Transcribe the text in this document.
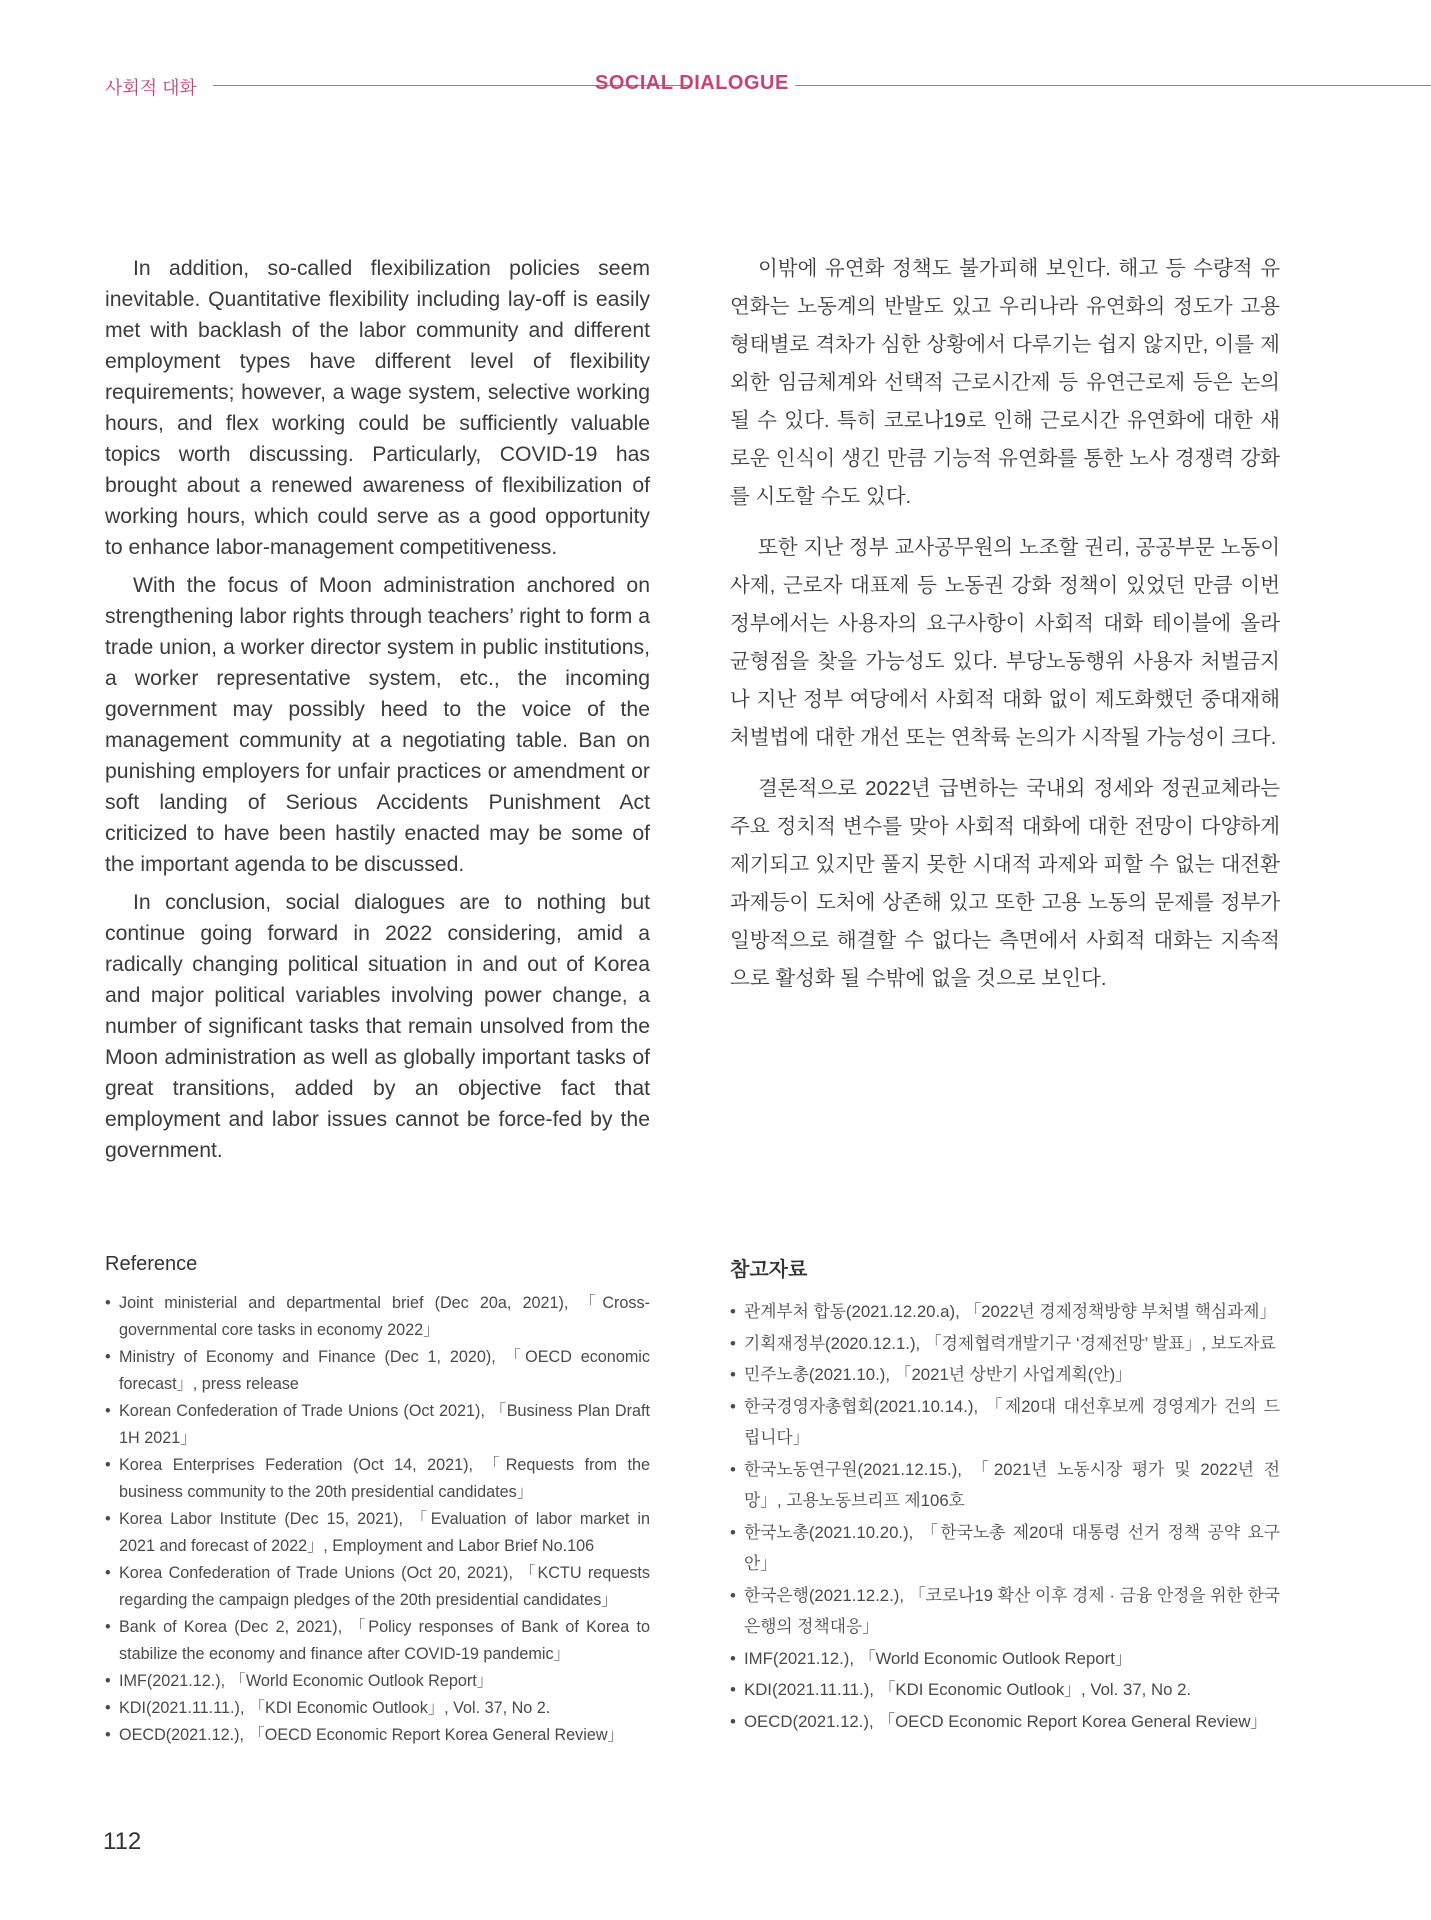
사회적 대화	SOCIAL DIALOGUE

In addition, so-called flexibilization policies seem inevitable. Quantitative flexibility including lay-off is easily met with backlash of the labor community and different employment types have different level of flexibility requirements; however, a wage system, selective working hours, and flex working could be sufficiently valuable topics worth discussing. Particularly, COVID-19 has brought about a renewed awareness of flexibilization of working hours, which could serve as a good opportunity to enhance labor-management competitiveness.

With the focus of Moon administration anchored on strengthening labor rights through teachers’ right to form a trade union, a worker director system in public institutions, a worker representative system, etc., the incoming government may possibly heed to the voice of the management community at a negotiating table. Ban on punishing employers for unfair practices or amendment or soft landing of Serious Accidents Punishment Act criticized to have been hastily enacted may be some of the important agenda to be discussed.

In conclusion, social dialogues are to nothing but continue going forward in 2022 considering, amid a radically changing political situation in and out of Korea and major political variables involving power change, a number of significant tasks that remain unsolved from the Moon administration as well as globally important tasks of great transitions, added by an objective fact that employment and labor issues cannot be force-fed by the government.

이밖에 유연화 정책도 불가피해 보인다. 해고 등 수량적 유연화는 노동계의 반발도 있고 우리나라 유연화의 정도가 고용형태별로 격차가 심한 상황에서 다루기는 쉽지 않지만, 이를 제외한 임금체계와 선택적 근로시간제 등 유연근로제 등은 논의될 수 있다. 특히 코로나19로 인해 근로시간 유연화에 대한 새로운 인식이 생긴 만큼 기능적 유연화를 통한 노사 경쟁력 강화를 시도할 수도 있다.

또한 지난 정부 교사공무원의 노조할 권리, 공공부문 노동이사제, 근로자 대표제 등 노동권 강화 정책이 있었던 만큼 이번 정부에서는 사용자의 요구사항이 사회적 대화 테이블에 올라 균형점을 찾을 가능성도 있다. 부당노동행위 사용자 처벌금지나 지난 정부 여당에서 사회적 대화 없이 제도화했던 중대재해처벌법에 대한 개선 또는 연착륙 논의가 시작될 가능성이 크다.

결론적으로 2022년 급변하는 국내외 정세와 정권교체라는 주요 정치적 변수를 맞아 사회적 대화에 대한 전망이 다양하게 제기되고 있지만 풀지 못한 시대적 과제와 피할 수 없는 대전환 과제등이 도처에 상존해 있고 또한 고용 노동의 문제를 정부가 일방적으로 해결할 수 없다는 측면에서 사회적 대화는 지속적으로 활성화 될 수밖에 없을 것으로 보인다.

Reference
• Joint ministerial and departmental brief (Dec 20a, 2021), 「Cross-governmental core tasks in economy 2022」
• Ministry of Economy and Finance (Dec 1, 2020), 「OECD economic forecast」, press release
• Korean Confederation of Trade Unions (Oct 2021), 「Business Plan Draft 1H 2021」
• Korea Enterprises Federation (Oct 14, 2021), 「Requests from the business community to the 20th presidential candidates」
• Korea Labor Institute (Dec 15, 2021), 「Evaluation of labor market in 2021 and forecast of 2022」, Employment and Labor Brief No.106
• Korea Confederation of Trade Unions (Oct 20, 2021), 「KCTU requests regarding the campaign pledges of the 20th presidential candidates」
• Bank of Korea (Dec 2, 2021), 「Policy responses of Bank of Korea to stabilize the economy and finance after COVID-19 pandemic」
• IMF(2021.12.), 「World Economic Outlook Report」
• KDI(2021.11.11.), 「KDI Economic Outlook」, Vol. 37, No 2.
• OECD(2021.12.), 「OECD Economic Report Korea General Review」
참고자료
• 관계부처 합동(2021.12.20.a), 「2022년 경제정책방향 부처별 핵심과제」
• 기획재정부(2020.12.1.), 「경제협력개발기구 ‘경제전망’ 발표」, 보도자료
• 민주노총(2021.10.), 「2021년 상반기 사업계획(안)」
• 한국경영자총협회(2021.10.14.), 「제20대 대선후보께 경영계가 건의 드립니다」
• 한국노동연구원(2021.12.15.), 「2021년 노동시장 평가 및 2022년 전망」, 고용노동브리프 제106호
• 한국노총(2021.10.20.), 「한국노총 제20대 대통령 선거 정책 공약 요구안」
• 한국은행(2021.12.2.), 「코로나19 확산 이후 경제 · 금융 안정을 위한 한국은행의 정책대응」
• IMF(2021.12.), 「World Economic Outlook Report」
• KDI(2021.11.11.), 「KDI Economic Outlook」, Vol. 37, No 2.
• OECD(2021.12.), 「OECD Economic Report Korea General Review」
112
